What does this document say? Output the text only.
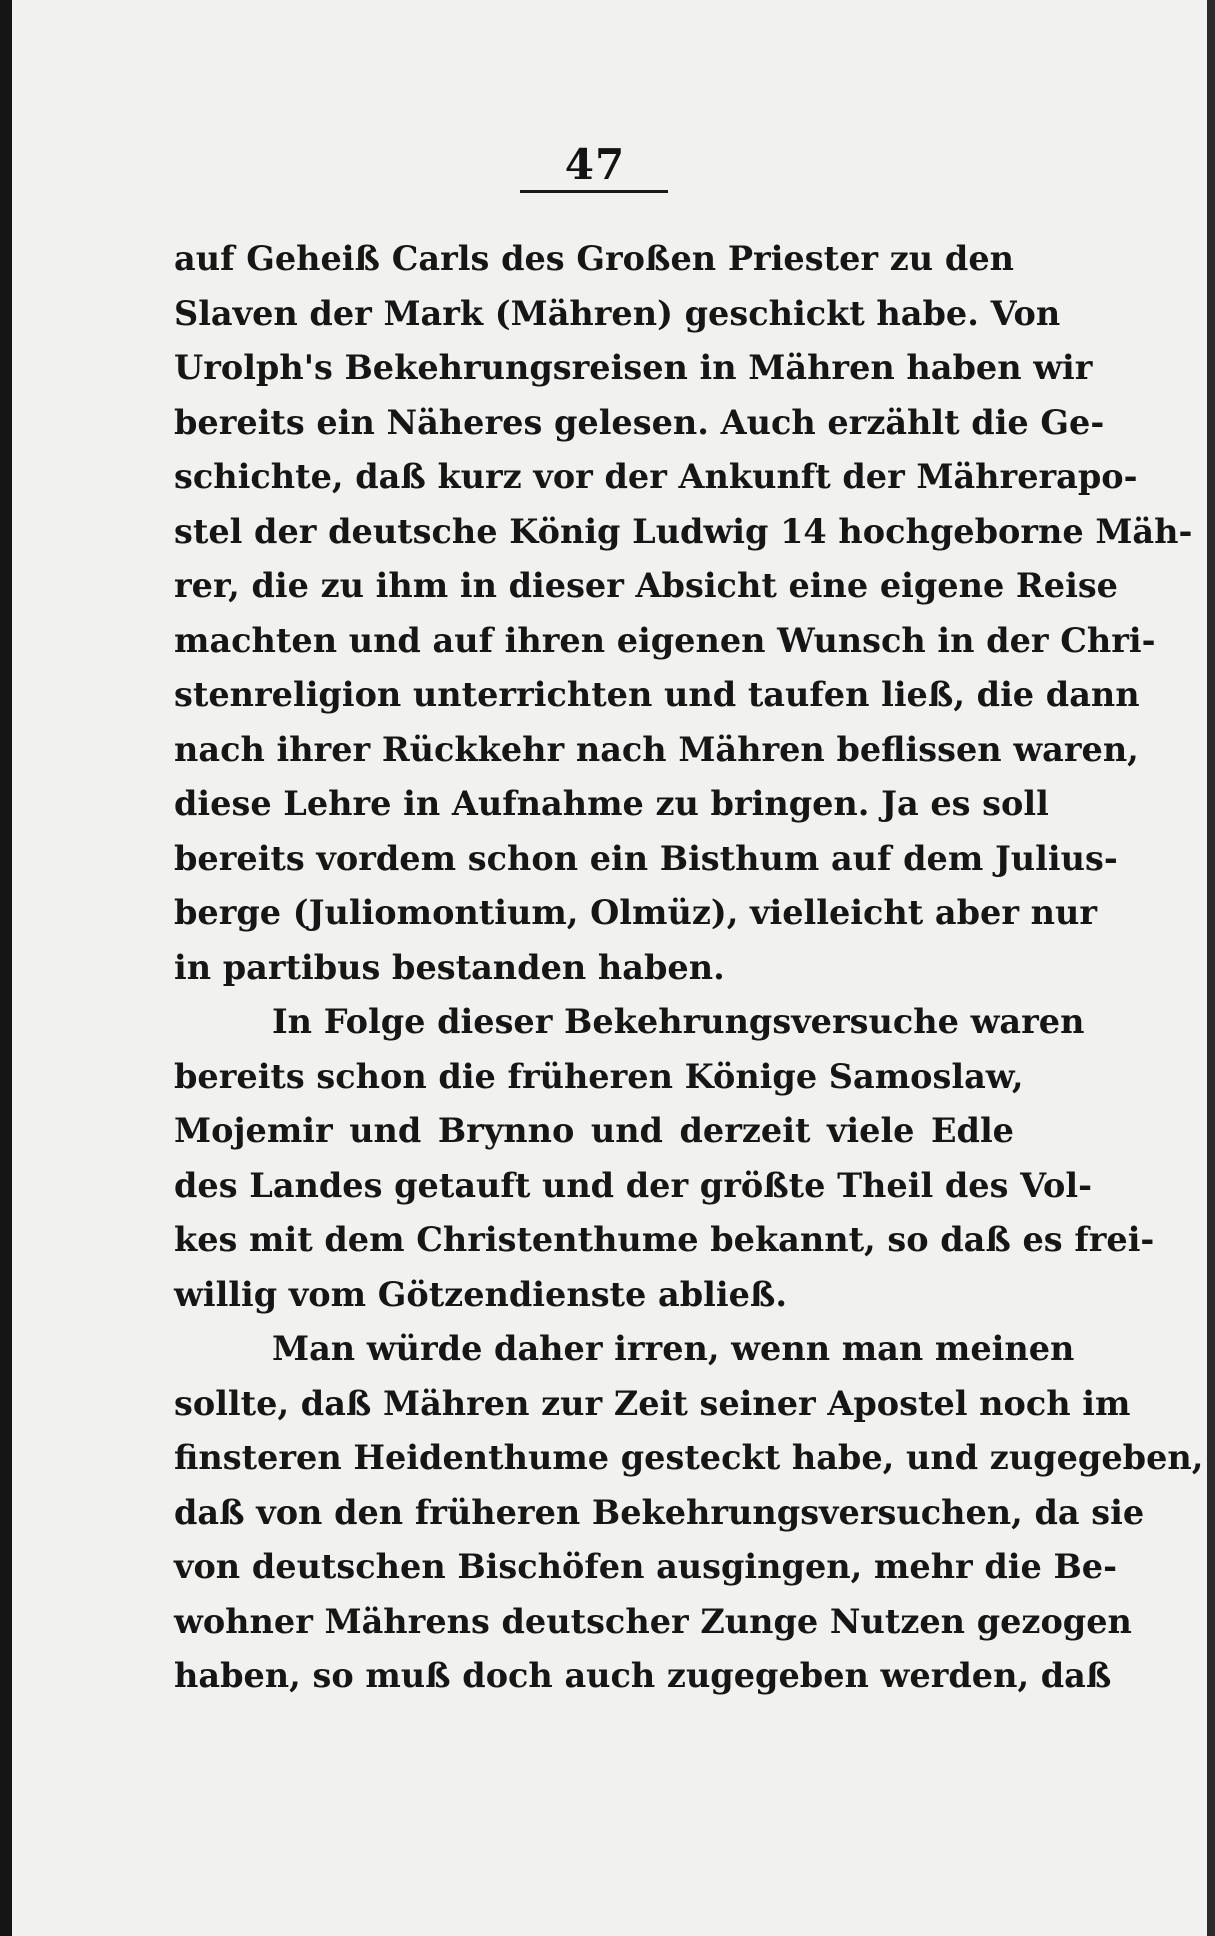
47
auf Geheiß Carls des Großen Priester zu den
Slaven der Mark (Mähren) geschickt habe. Von
Urolph's Bekehrungsreisen in Mähren haben wir
bereits ein Näheres gelesen. Auch erzählt die Ge-
schichte, daß kurz vor der Ankunft der Mährerapo-
stel der deutsche König Ludwig 14 hochgeborne Mäh-
rer, die zu ihm in dieser Absicht eine eigene Reise
machten und auf ihren eigenen Wunsch in der Chri-
stenreligion unterrichten und taufen ließ, die dann
nach ihrer Rückkehr nach Mähren beflissen waren,
diese Lehre in Aufnahme zu bringen. Ja es soll
bereits vordem schon ein Bisthum auf dem Julius-
berge (Juliomontium, Olmüz), vielleicht aber nur
in partibus bestanden haben.
In Folge dieser Bekehrungsversuche waren
bereits schon die früheren Könige Samoslaw,
Mojemir und Brynno und derzeit viele Edle
des Landes getauft und der größte Theil des Vol-
kes mit dem Christenthume bekannt, so daß es frei-
willig vom Götzendienste abließ.
Man würde daher irren, wenn man meinen
sollte, daß Mähren zur Zeit seiner Apostel noch im
finsteren Heidenthume gesteckt habe, und zugegeben,
daß von den früheren Bekehrungsversuchen, da sie
von deutschen Bischöfen ausgingen, mehr die Be-
wohner Mährens deutscher Zunge Nutzen gezogen
haben, so muß doch auch zugegeben werden, daß
